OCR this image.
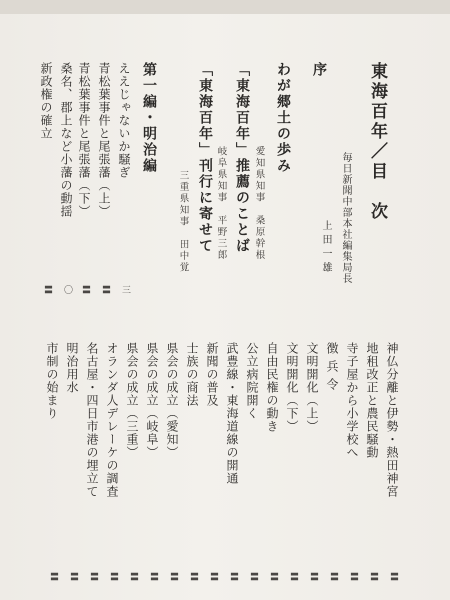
東海百年／目　次
毎日新聞中部本社編集局長
上田一雄
序
わが郷土の歩み
愛知県知事　桑原幹根
「東海百年」推薦のことば
岐阜県知事　平野三郎
「東海百年」刊行に寄せて
三重県知事　田中覚
第一編・明治編
ええじゃないか騒ぎ
三
青松葉事件と尾張藩（上）
〓
青松葉事件と尾張藩（下）
〓
桑名、郡上など小藩の動揺
〇
新政権の確立
〓
神仏分離と伊勢・熱田神宮
〓
地租改正と農民騒動
〓
寺子屋から小学校へ
〓
徴兵令
〓
文明開化（上）
〓
文明開化（下）
〓
自由民権の動き
〓
公立病院開く
〓
武豊線・東海道線の開通
〓
新聞の普及
〓
士族の商法
〓
県会の成立（愛知）
〓
県会の成立（岐阜）
〓
県会の成立（三重）
〓
オランダ人デレーケの調査
〓
名古屋・四日市港の埋立て
〓
明治用水
〓
市制の始まり
〓
